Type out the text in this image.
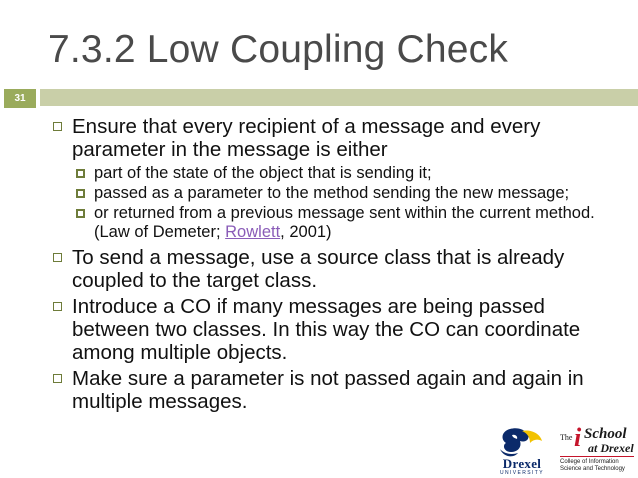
7.3.2 Low Coupling Check
31
Ensure that every recipient of a message and every parameter in the message is either
part of the state of the object that is sending it;
passed as a parameter to the method sending the new message;
or returned from a previous message sent within the current method. (Law of Demeter; Rowlett, 2001)
To send a message, use a source class that is already coupled to the target class.
Introduce a CO if many messages are being passed between two classes. In this way the CO can coordinate among multiple objects.
Make sure a parameter is not passed again and again in multiple messages.
Drexel
UNIVERSITY
The i School
at Drexel
College of Information
Science and Technology
